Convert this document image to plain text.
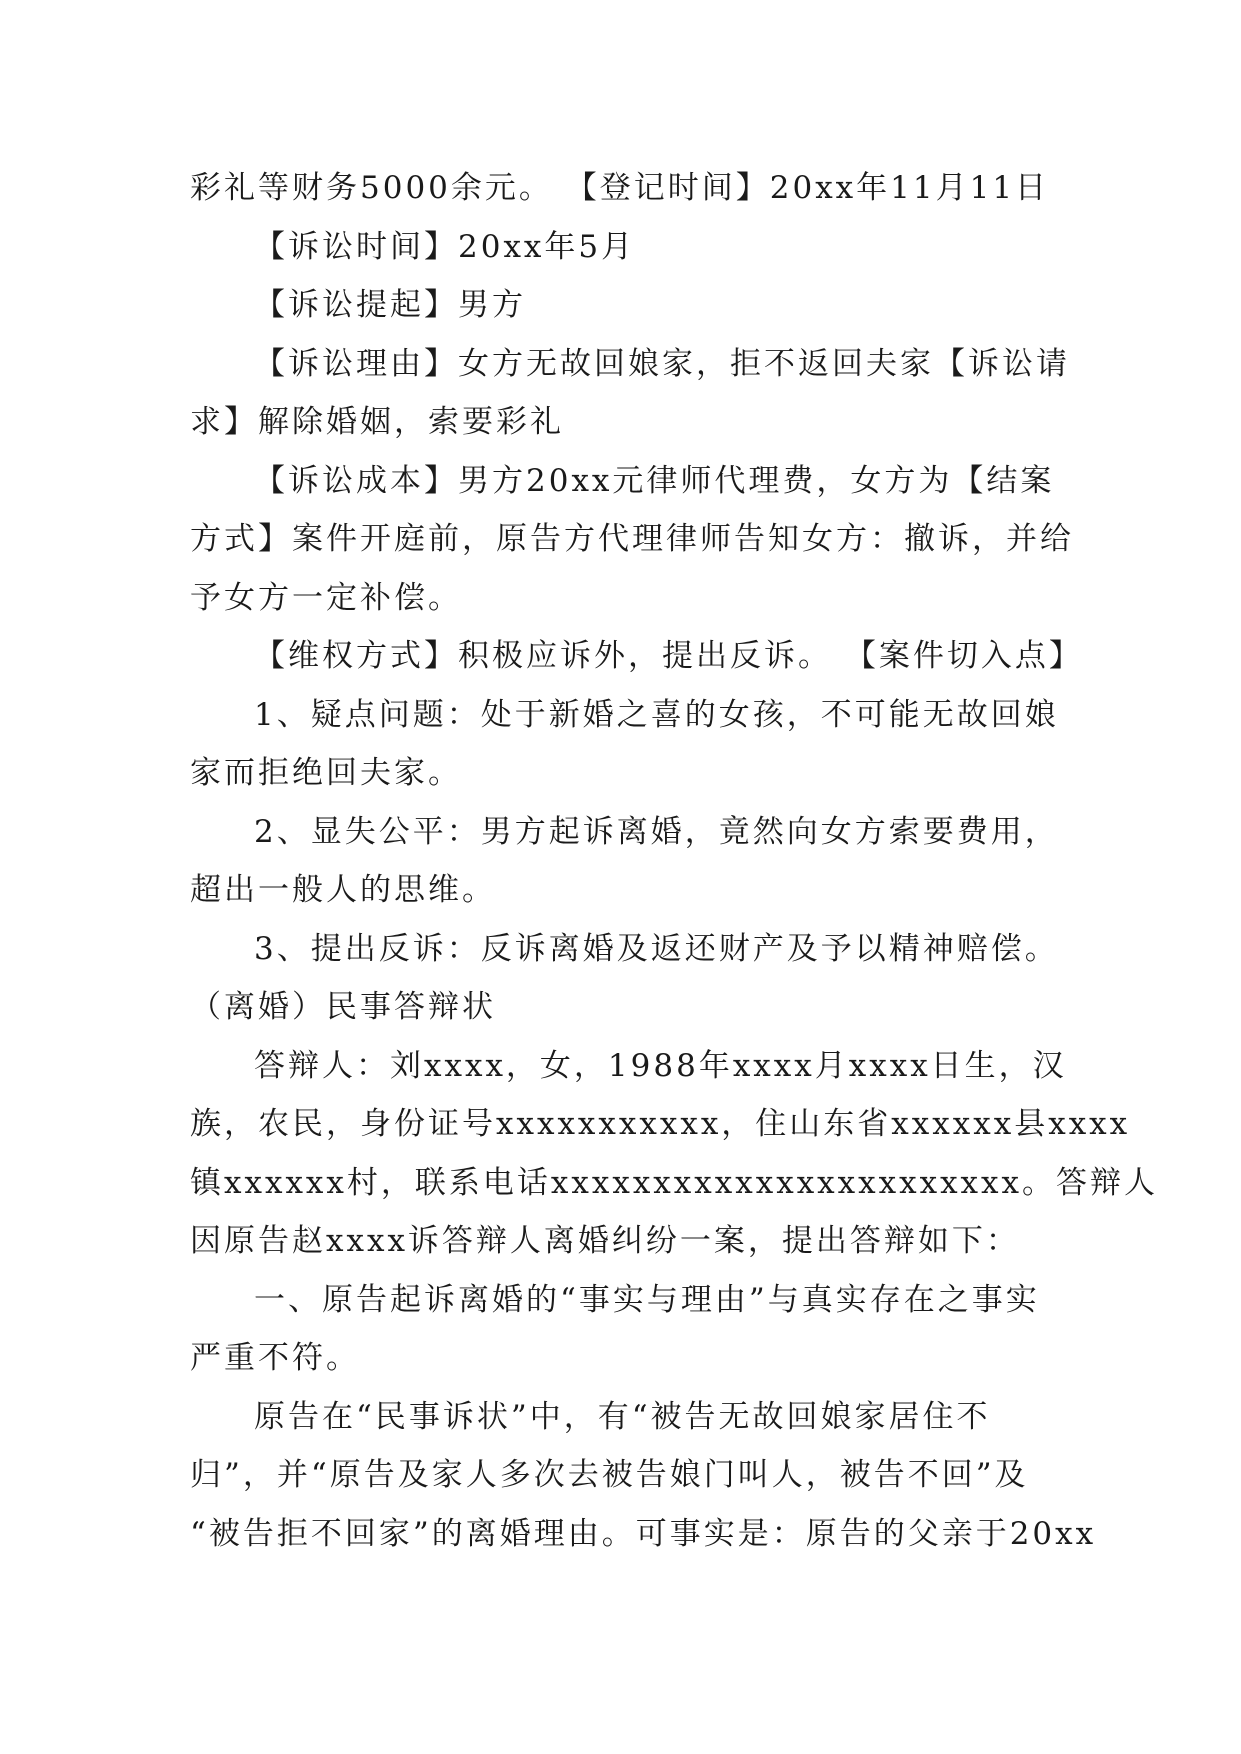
彩礼等财务5000余元。 【登记时间】20xx年11月11日
【诉讼时间】20xx年5月
【诉讼提起】男方
【诉讼理由】女方无故回娘家，拒不返回夫家【诉讼请
求】解除婚姻，索要彩礼
【诉讼成本】男方20xx元律师代理费，女方为【结案
方式】案件开庭前，原告方代理律师告知女方：撤诉，并给
予女方一定补偿。
【维权方式】积极应诉外，提出反诉。 【案件切入点】
1、疑点问题：处于新婚之喜的女孩，不可能无故回娘
家而拒绝回夫家。
2、显失公平：男方起诉离婚，竟然向女方索要费用，
超出一般人的思维。
3、提出反诉：反诉离婚及返还财产及予以精神赔偿。
（离婚）民事答辩状
答辩人：刘xxxx，女，1988年xxxx月xxxx日生，汉
族，农民，身份证号xxxxxxxxxxx，住山东省xxxxxx县xxxx
镇xxxxxx村，联系电话xxxxxxxxxxxxxxxxxxxxxxx。答辩人
因原告赵xxxx诉答辩人离婚纠纷一案，提出答辩如下：
一、原告起诉离婚的“事实与理由”与真实存在之事实
严重不符。
原告在“民事诉状”中，有“被告无故回娘家居住不
归”，并“原告及家人多次去被告娘门叫人，被告不回”及
“被告拒不回家”的离婚理由。可事实是：原告的父亲于20xx
